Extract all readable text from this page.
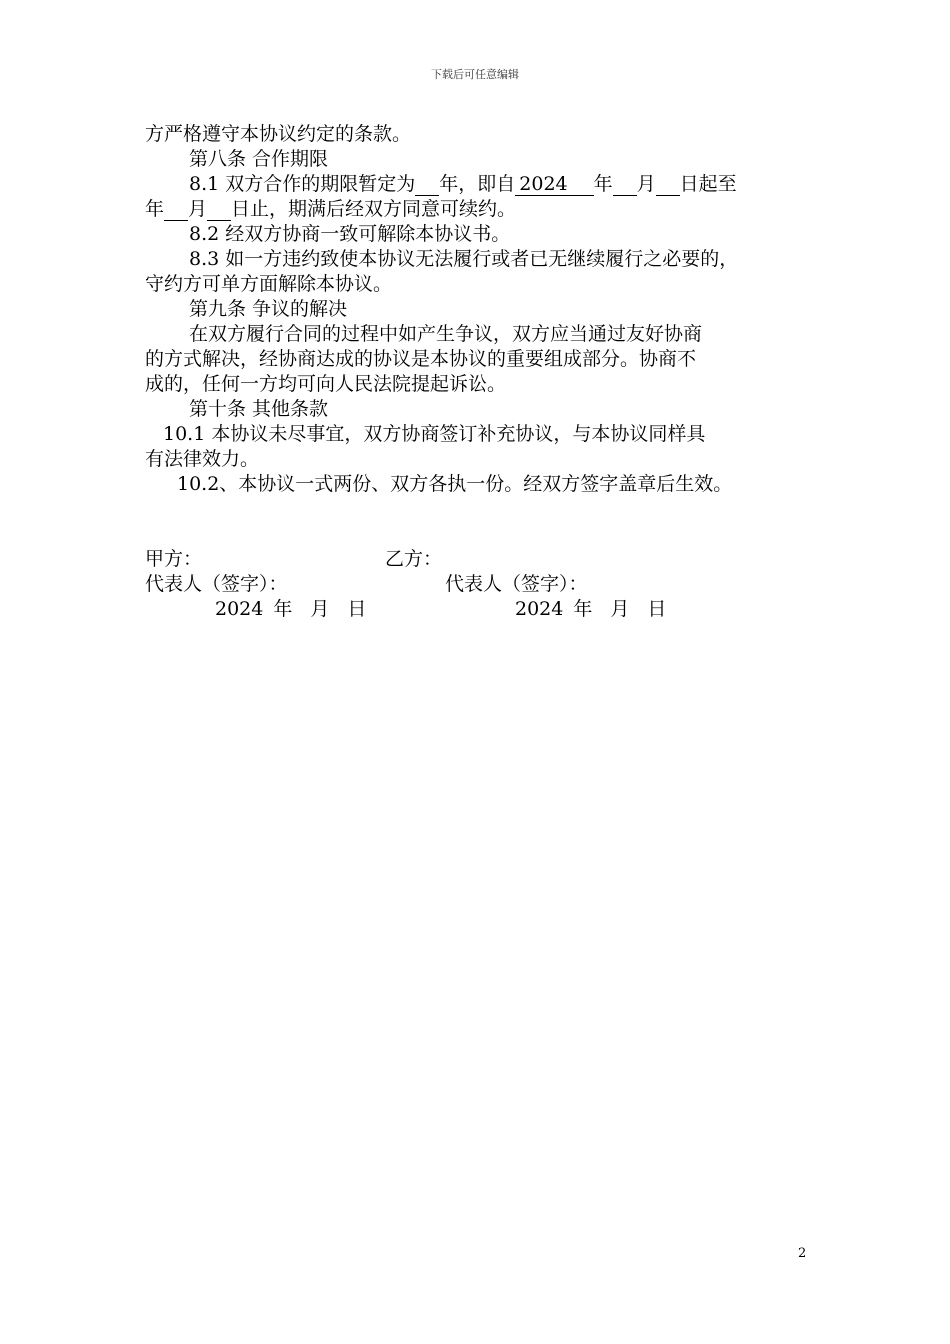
下载后可任意编辑

方严格遵守本协议约定的条款。

第八条 合作期限

8.1 双方合作的期限暂定为 年，即自 2024 年 月 日起至

年 月 日止，期满后经双方同意可续约。

8.2 经双方协商一致可解除本协议书。

8.3 如一方违约致使本协议无法履行或者已无继续履行之必要的，

守约方可单方面解除本协议。

第九条 争议的解决

在双方履行合同的过程中如产生争议，双方应当通过友好协商

的方式解决，经协商达成的协议是本协议的重要组成部分。协商不

成的，任何一方均可向人民法院提起诉讼。

第十条 其他条款

10.1 本协议未尽事宜，双方协商签订补充协议，与本协议同样具

有法律效力。

10.2、本协议一式两份、双方各执一份。经双方签字盖章后生效。

甲方：	乙方：
代表人（签字）：	代表人（签字）：
2024 年 月 日	2024 年 月 日
2
